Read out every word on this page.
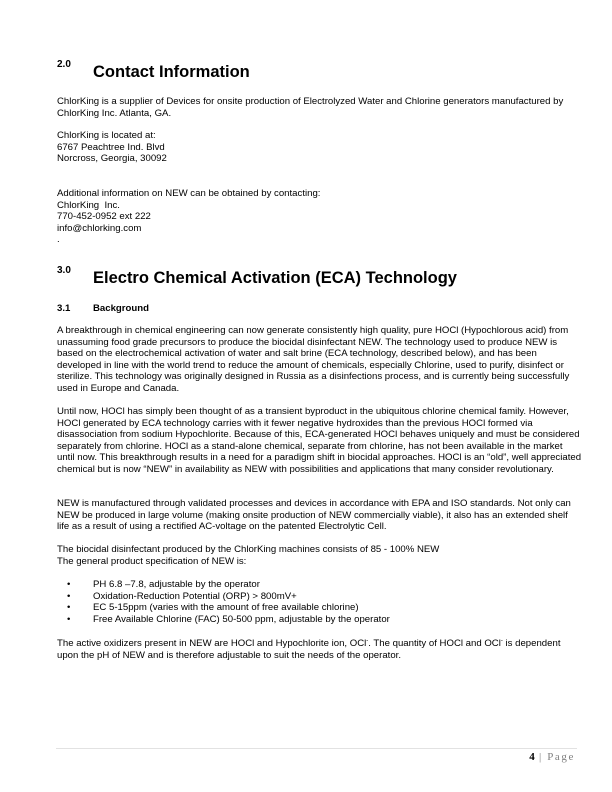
2.0 Contact Information
ChlorKing is a supplier of Devices for onsite production of Electrolyzed Water and Chlorine generators manufactured by ChlorKing Inc. Atlanta, GA.
ChlorKing is located at:
6767 Peachtree Ind. Blvd
Norcross, Georgia, 30092
Additional information on NEW can be obtained by contacting:
ChlorKing  Inc.
770-452-0952 ext 222
info@chlorking.com
.
3.0 Electro Chemical Activation (ECA) Technology
3.1 Background
A breakthrough in chemical engineering can now generate consistently high quality, pure HOCl (Hypochlorous acid) from unassuming food grade precursors to produce the biocidal disinfectant NEW. The technology used to produce NEW is based on the electrochemical activation of water and salt brine (ECA technology, described below), and has been developed in line with the world trend to reduce the amount of chemicals, especially Chlorine, used to purify, disinfect or sterilize. This technology was originally designed in Russia as a disinfections process, and is currently being successfully used in Europe and Canada.
Until now, HOCl has simply been thought of as a transient byproduct in the ubiquitous chlorine chemical family. However, HOCl generated by ECA technology carries with it fewer negative hydroxides than the previous HOCl formed via disassociation from sodium Hypochlorite. Because of this, ECA-generated HOCl behaves uniquely and must be considered separately from chlorine. HOCl as a stand-alone chemical, separate from chlorine, has not been available in the market until now. This breakthrough results in a need for a paradigm shift in biocidal approaches. HOCl is an “old”, well appreciated chemical but is now “NEW” in availability as NEW with possibilities and applications that many consider revolutionary.
NEW is manufactured through validated processes and devices in accordance with EPA and ISO standards. Not only can NEW be produced in large volume (making onsite production of NEW commercially viable), it also has an extended shelf life as a result of using a rectified AC-voltage on the patented Electrolytic Cell.
The biocidal disinfectant produced by the ChlorKing machines consists of 85 - 100% NEW
The general product specification of NEW is:
• PH 6.8 –7.8, adjustable by the operator
• Oxidation-Reduction Potential (ORP) > 800mV+
• EC 5-15ppm (varies with the amount of free available chlorine)
• Free Available Chlorine (FAC) 50-500 ppm, adjustable by the operator
The active oxidizers present in NEW are HOCl and Hypochlorite ion, OCl-. The quantity of HOCl and OCl- is dependent upon the pH of NEW and is therefore adjustable to suit the needs of the operator.
4 | Page
